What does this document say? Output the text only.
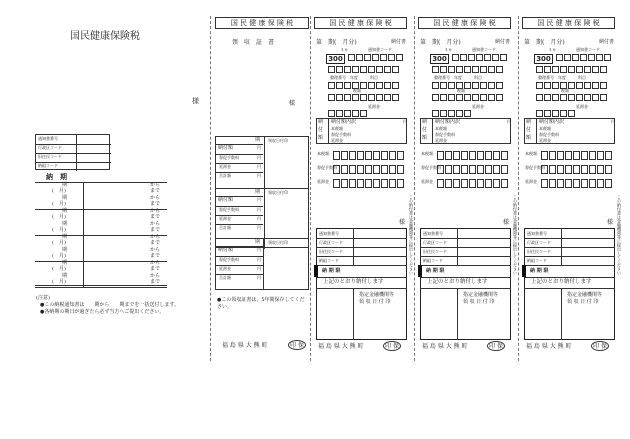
国民健康保険税
様
通知書番号
行政区コード
旧住民コード
納組コード
納　期
期
(　月)
から
まで
期
(　月)
から
まで
期
(　月)
から
まで
期
(　月)
から
まで
期
(　月)
から
まで
期
(　月)
から
まで
期
(　月)
から
まで
期
(　月)
から
まで
(注意)
●この納税通知書は　　期から　　期までを一括送付します。
●各納期の期日が過ぎたら必ず当方へご提出ください。
国 民 健 康 保 険 税
領　収　証　書
様
期 領収日付印
納付額	円
督促手数料	円
延滞金	円
合計額	円
期 領収日付印
納付額	円
督促手数料	円
延滞金	円
合計額	円
期 領収日付印
納付額	円
督促手数料	円
延滞金	円
合計額	円
●この領収証書は、5年間保存してください。
福 島 県 大 熊 町	印 保
国 民 健 康 保 険 税
第　期(　月分)	納付書
1 0	通知書コード
300
整理番号 年度	科目
税額
延滞金
納
付
額
納付額内訳	円
本税額
督促手数料
延滞金
本税額
督促手数料
延滞金
この納付書は金融機関等に提出してください
様
通知書番号
行政区コード
旧住民コード
納組コード
納 期 限
上記のとおり納付します
指定金融機関等
領 収 日 付 印
福 島 県 大 熊 町	印 保
国 民 健 康 保 険 税
第　期(　月分)	納付書
1 0	通知書コード
300
整理番号 年度	科目
税額
延滞金
納
付
額
納付額内訳	円
本税額
督促手数料
延滞金
本税額
督促手数料
延滞金
この納付書は金融機関等に提出してください
様
通知書番号
行政区コード
旧住民コード
納組コード
納 期 限
上記のとおり納付します
指定金融機関等
領 収 日 付 印
福 島 県 大 熊 町	印 保
国 民 健 康 保 険 税
第　期(　月分)	納付書
1 0	通知書コード
300
整理番号 年度	科目
税額
延滞金
納
付
額
納付額内訳	円
本税額
督促手数料
延滞金
本税額
督促手数料
延滞金
この納付書は金融機関等に提出してください
様
通知書番号
行政区コード
旧住民コード
納組コード
納 期 限
上記のとおり納付します
指定金融機関等
領 収 日 付 印
福 島 県 大 熊 町	印 保
